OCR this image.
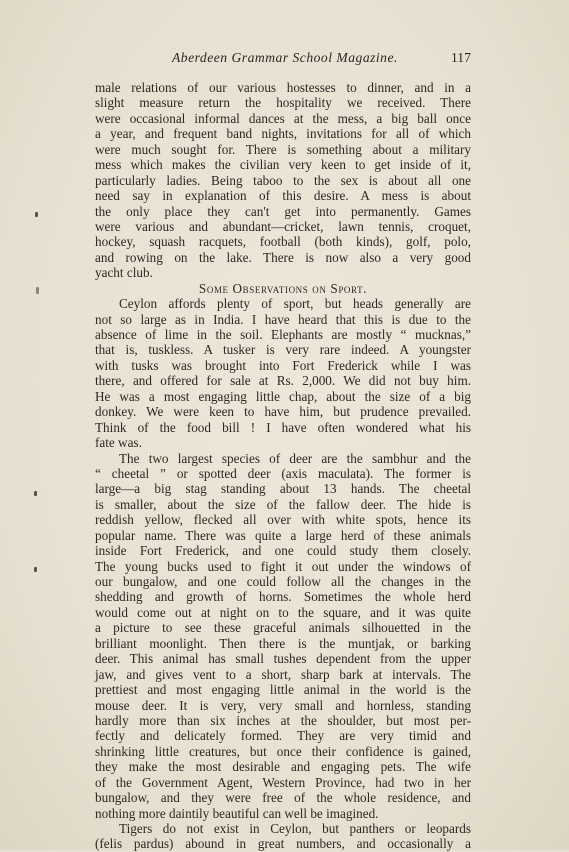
Aberdeen Grammar School Magazine.	117
male relations of our various hostesses to dinner, and in a
slight measure return the hospitality we received. There
were occasional informal dances at the mess, a big ball once
a year, and frequent band nights, invitations for all of which
were much sought for. There is something about a military
mess which makes the civilian very keen to get inside of it,
particularly ladies. Being taboo to the sex is about all one
need say in explanation of this desire. A mess is about
the only place they can't get into permanently. Games
were various and abundant—cricket, lawn tennis, croquet,
hockey, squash racquets, football (both kinds), golf, polo,
and rowing on the lake. There is now also a very good
yacht club.
Some Observations on Sport.
Ceylon affords plenty of sport, but heads generally are
not so large as in India. I have heard that this is due to the
absence of lime in the soil. Elephants are mostly “ mucknas,”
that is, tuskless. A tusker is very rare indeed. A youngster
with tusks was brought into Fort Frederick while I was
there, and offered for sale at Rs. 2,000. We did not buy him.
He was a most engaging little chap, about the size of a big
donkey. We were keen to have him, but prudence prevailed.
Think of the food bill ! I have often wondered what his
fate was.
The two largest species of deer are the sambhur and the
“ cheetal ” or spotted deer (axis maculata). The former is
large—a big stag standing about 13 hands. The cheetal
is smaller, about the size of the fallow deer. The hide is
reddish yellow, flecked all over with white spots, hence its
popular name. There was quite a large herd of these animals
inside Fort Frederick, and one could study them closely.
The young bucks used to fight it out under the windows of
our bungalow, and one could follow all the changes in the
shedding and growth of horns. Sometimes the whole herd
would come out at night on to the square, and it was quite
a picture to see these graceful animals silhouetted in the
brilliant moonlight. Then there is the muntjak, or barking
deer. This animal has small tushes dependent from the upper
jaw, and gives vent to a short, sharp bark at intervals. The
prettiest and most engaging little animal in the world is the
mouse deer. It is very, very small and hornless, standing
hardly more than six inches at the shoulder, but most per-
fectly and delicately formed. They are very timid and
shrinking little creatures, but once their confidence is gained,
they make the most desirable and engaging pets. The wife
of the Government Agent, Western Province, had two in her
bungalow, and they were free of the whole residence, and
nothing more daintily beautiful can well be imagined.
Tigers do not exist in Ceylon, but panthers or leopards
(felis pardus) abound in great numbers, and occasionally a
